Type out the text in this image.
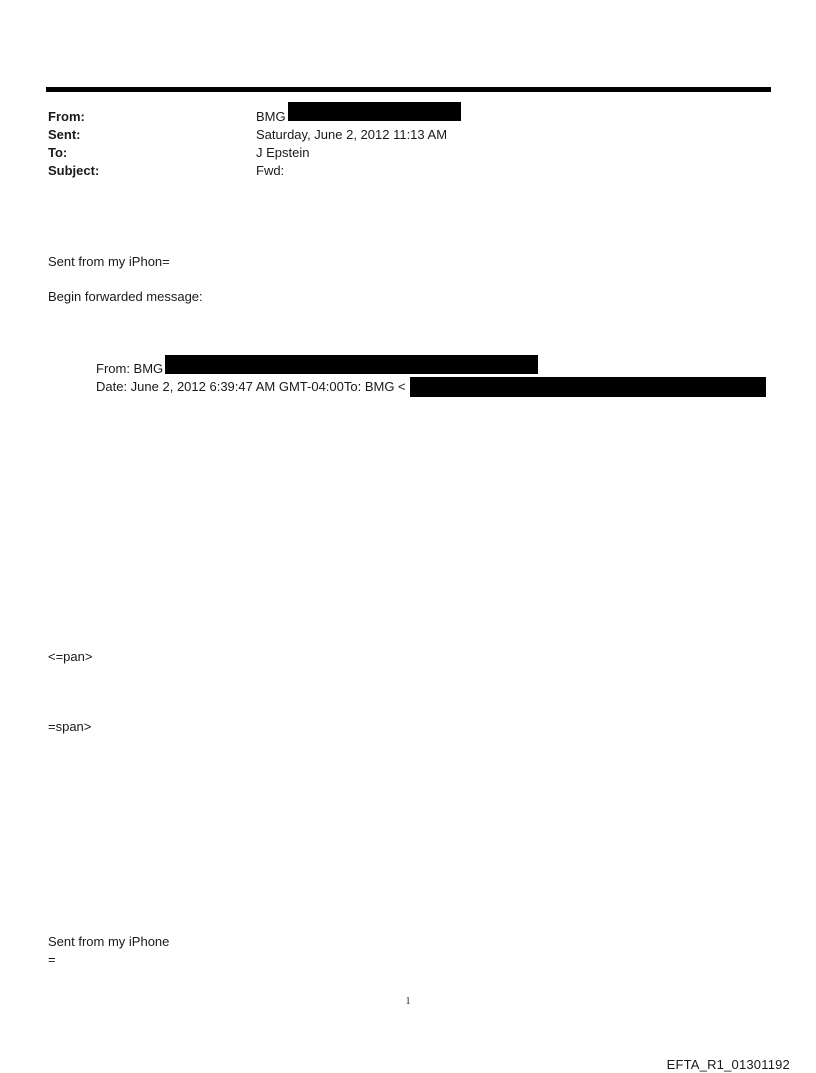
From:	BMG
Sent:	Saturday, June 2, 2012 11:13 AM
To:	J Epstein
Subject:	Fwd:
Sent from my iPhon=
Begin forwarded message:
From: BMG
Date: June 2, 2012 6:39:47 AM GMT-04:00To: BMG <
<=pan>
=span>
Sent from my iPhone
=
1
EFTA_R1_01301192
